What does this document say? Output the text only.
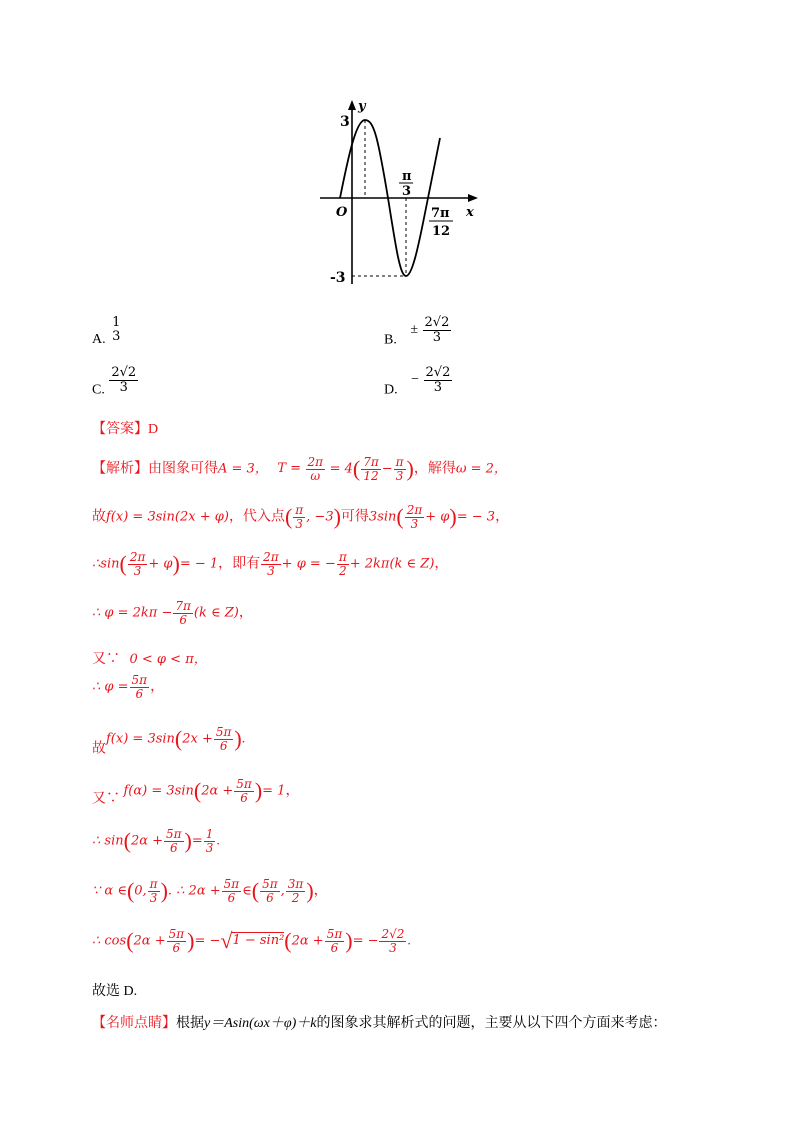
y
x
O
3
-3
π
3
7π
12
A.
1
3	B. ± $\frac{2√2}{3}$
C. $\frac{2√2}{3}$	D. − $\frac{2√2}{3}$
【答案】D
【解析】由图象可得A = 3， $T = \frac{2\pi}{\omega} = 4( \frac{7\pi}{12} - \frac{\pi}{3}$ )，解得ω = 2，
故f(x) = 3sin(2x + φ)，代入点( $\frac{\pi}{3}$ , −3)可得$3\sin( \frac{2\pi}{3} + \varphi)= - 3$，
∴sin( $\frac{2\pi}{3} + \varphi)= - 1$，即有 $\frac{2\pi}{3} + \varphi$ = − $\frac{\pi}{2} + 2k\pi(k$ ∈ Z)，
∴ $\varphi = 2k\pi - \frac{7\pi}{6} (k$ ∈ Z)，
又∵ 0 < φ < π，
∴ $\varphi = \frac{5\pi}{6}$ ，
故$f(x) = 3\sin(2x + \frac{5\pi}{6}$ ).
又∵ $f(\alpha) = 3\sin(2\alpha + \frac{5\pi}{6}$ )= 1，
∴ $\sin(2\alpha + \frac{5\pi}{6}$ )= $\frac{1}{3}$ .
∵ α ∈(0, $\frac{\pi}{3}$ ). ∴ $2\alpha + \frac{5\pi}{6}$ ∈( $\frac{5\pi}{6}$ , $\frac{3\pi}{2}$ )，
∴ $\cos(2\alpha + \frac{5\pi}{6}$ )= $-√1 - \sin^2(2\alpha + \frac{5\pi}{6}$ )= − $\frac{2√2}{3}$ .
故选 D.
【名师点睛】根据y＝Asin(ωx＋φ)＋k的图象求其解析式的问题，主要从以下四个方面来考虑：
